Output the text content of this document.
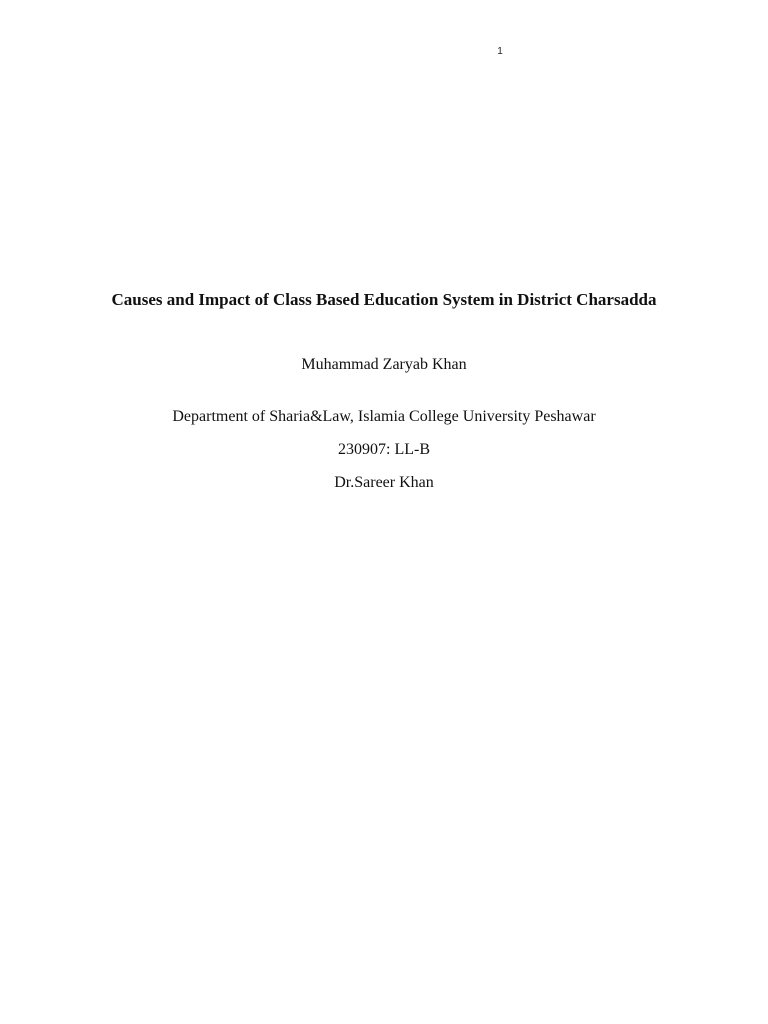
1
Causes and Impact of Class Based Education System in District Charsadda

Muhammad Zaryab Khan

Department of Sharia&Law, Islamia College University Peshawar

230907: LL-B

Dr.Sareer Khan
